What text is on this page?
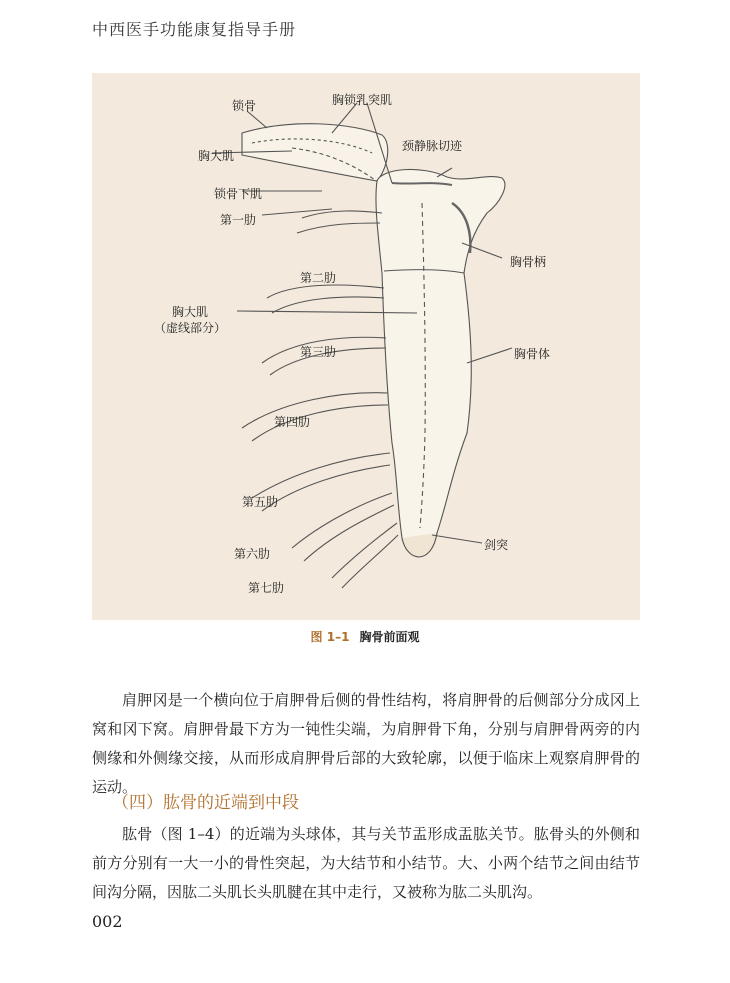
中西医手功能康复指导手册
胸锁乳突肌
锁骨
颈静脉切迹
胸大肌
锁骨下肌
第一肋
胸骨柄
第二肋
胸大肌
（虚线部分）
第三肋	胸骨体
第四肋
第五肋
剑突
第六肋
第七肋
图 1–1 胸骨前面观

肩胛冈是一个横向位于肩胛骨后侧的骨性结构，将肩胛骨的后侧部分分成冈上窝和冈下窝。肩胛骨最下方为一钝性尖端，为肩胛骨下角，分别与肩胛骨两旁的内侧缘和外侧缘交接，从而形成肩胛骨后部的大致轮廓，以便于临床上观察肩胛骨的运动。

（四）肱骨的近端到中段

肱骨（图 1–4）的近端为头球体，其与关节盂形成盂肱关节。肱骨头的外侧和前方分别有一大一小的骨性突起，为大结节和小结节。大、小两个结节之间由结节间沟分隔，因肱二头肌长头肌腱在其中走行，又被称为肱二头肌沟。

002
